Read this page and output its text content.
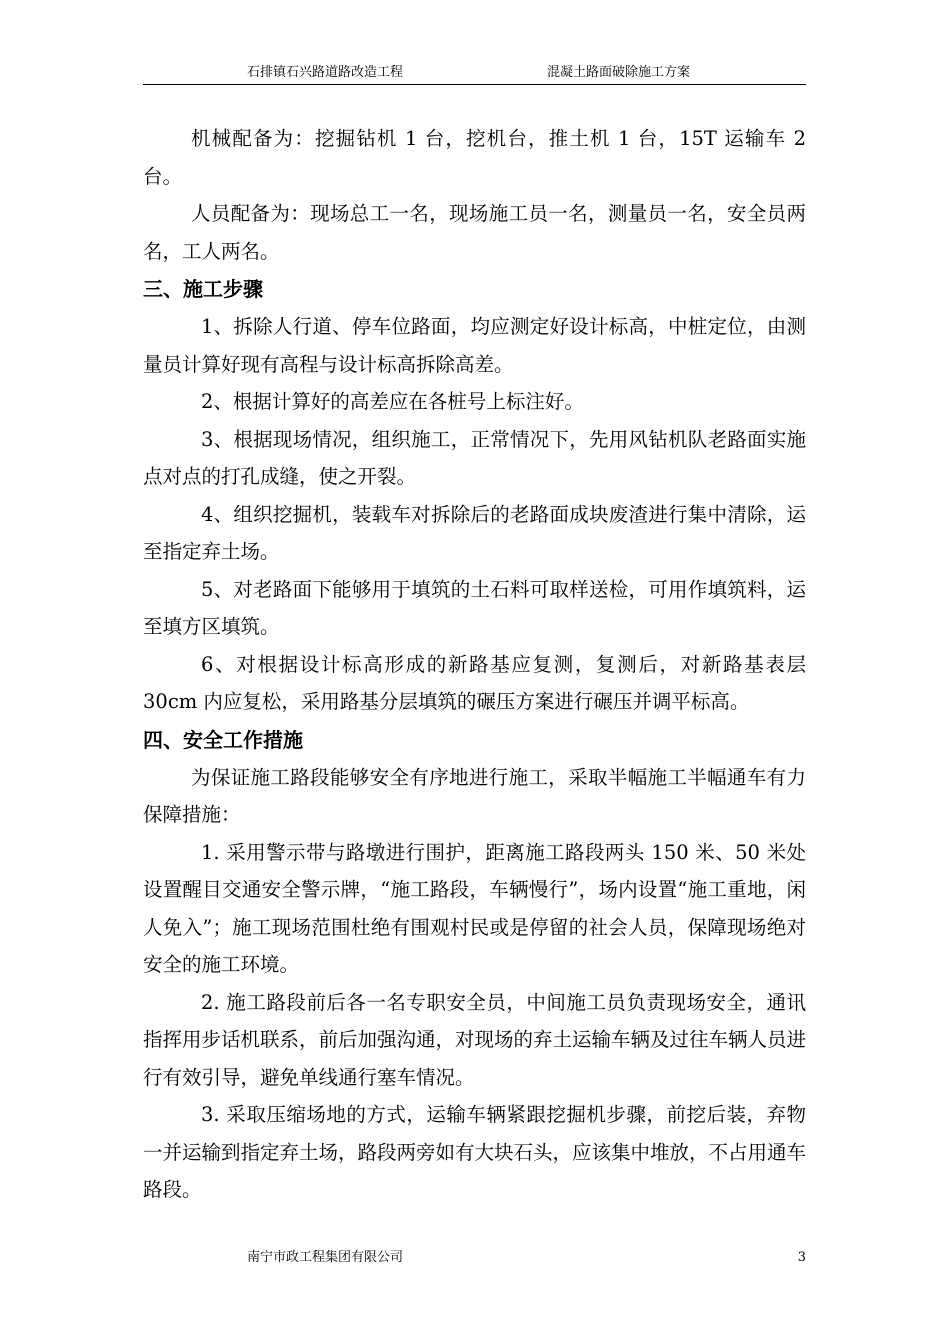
石排镇石兴路道路改造工程	混凝土路面破除施工方案

机械配备为：挖掘钻机 1 台，挖机台，推土机 1 台，15T 运输车 2 台。

人员配备为：现场总工一名，现场施工员一名，测量员一名，安全员两名，工人两名。

三、施工步骤

1、拆除人行道、停车位路面，均应测定好设计标高，中桩定位，由测量员计算好现有高程与设计标高拆除高差。

2、根据计算好的高差应在各桩号上标注好。

3、根据现场情况，组织施工，正常情况下，先用风钻机队老路面实施点对点的打孔成缝，使之开裂。

4、组织挖掘机，装载车对拆除后的老路面成块废渣进行集中清除，运至指定弃土场。

5、对老路面下能够用于填筑的土石料可取样送检，可用作填筑料，运至填方区填筑。

6、对根据设计标高形成的新路基应复测，复测后，对新路基表层 30cm 内应复松，采用路基分层填筑的碾压方案进行碾压并调平标高。

四、安全工作措施

为保证施工路段能够安全有序地进行施工，采取半幅施工半幅通车有力保障措施：

1. 采用警示带与路墩进行围护，距离施工路段两头 150 米、50 米处设置醒目交通安全警示牌，“施工路段，车辆慢行”，场内设置“施工重地，闲人免入”；施工现场范围杜绝有围观村民或是停留的社会人员，保障现场绝对安全的施工环境。

2. 施工路段前后各一名专职安全员，中间施工员负责现场安全，通讯指挥用步话机联系，前后加强沟通，对现场的弃土运输车辆及过往车辆人员进行有效引导，避免单线通行塞车情况。

3. 采取压缩场地的方式，运输车辆紧跟挖掘机步骤，前挖后装，弃物一并运输到指定弃土场，路段两旁如有大块石头，应该集中堆放，不占用通车路段。

南宁市政工程集团有限公司	3
